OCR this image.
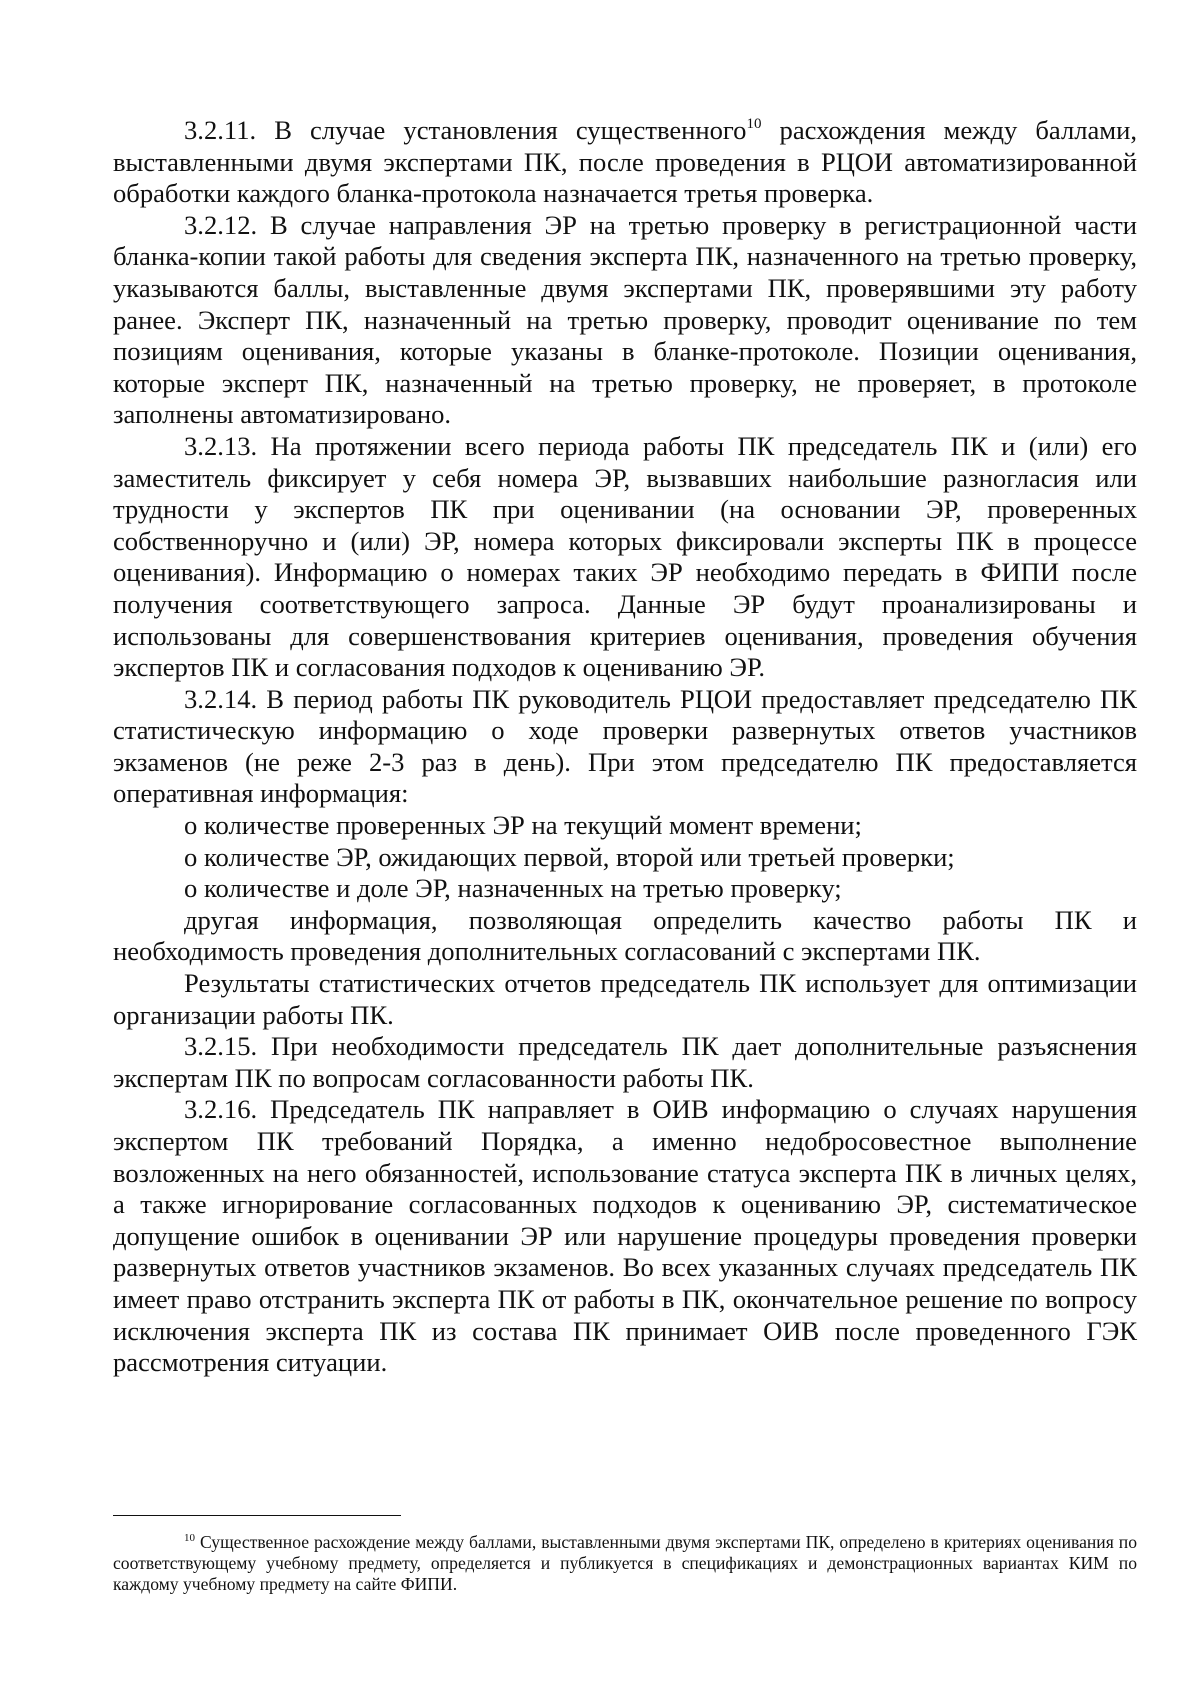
3.2.11. В случае установления существенного$^{10}$ расхождения между баллами, выставленными двумя экспертами ПК, после проведения в РЦОИ автоматизированной обработки каждого бланка-протокола назначается третья проверка.

3.2.12. В случае направления ЭР на третью проверку в регистрационной части бланка-копии такой работы для сведения эксперта ПК, назначенного на третью проверку, указываются баллы, выставленные двумя экспертами ПК, проверявшими эту работу ранее. Эксперт ПК, назначенный на третью проверку, проводит оценивание по тем позициям оценивания, которые указаны в бланке-протоколе. Позиции оценивания, которые эксперт ПК, назначенный на третью проверку, не проверяет, в протоколе заполнены автоматизировано.

3.2.13. На протяжении всего периода работы ПК председатель ПК и (или) его заместитель фиксирует у себя номера ЭР, вызвавших наибольшие разногласия или трудности у экспертов ПК при оценивании (на основании ЭР, проверенных собственноручно и (или) ЭР, номера которых фиксировали эксперты ПК в процессе оценивания). Информацию о номерах таких ЭР необходимо передать в ФИПИ после получения соответствующего запроса. Данные ЭР будут проанализированы и использованы для совершенствования критериев оценивания, проведения обучения экспертов ПК и согласования подходов к оцениванию ЭР.

3.2.14. В период работы ПК руководитель РЦОИ предоставляет председателю ПК статистическую информацию о ходе проверки развернутых ответов участников экзаменов (не реже 2-3 раз в день). При этом председателю ПК предоставляется оперативная информация:

о количестве проверенных ЭР на текущий момент времени;

о количестве ЭР, ожидающих первой, второй или третьей проверки;

о количестве и доле ЭР, назначенных на третью проверку;

другая информация, позволяющая определить качество работы ПК и необходимость проведения дополнительных согласований с экспертами ПК.

Результаты статистических отчетов председатель ПК использует для оптимизации организации работы ПК.

3.2.15. При необходимости председатель ПК дает дополнительные разъяснения экспертам ПК по вопросам согласованности работы ПК.

3.2.16. Председатель ПК направляет в ОИВ информацию о случаях нарушения экспертом ПК требований Порядка, а именно недобросовестное выполнение возложенных на него обязанностей, использование статуса эксперта ПК в личных целях, а также игнорирование согласованных подходов к оцениванию ЭР, систематическое допущение ошибок в оценивании ЭР или нарушение процедуры проведения проверки развернутых ответов участников экзаменов. Во всех указанных случаях председатель ПК имеет право отстранить эксперта ПК от работы в ПК, окончательное решение по вопросу исключения эксперта ПК из состава ПК принимает ОИВ после проведенного ГЭК рассмотрения ситуации.

$^{10}$ Существенное расхождение между баллами, выставленными двумя экспертами ПК, определено в критериях оценивания по соответствующему учебному предмету, определяется и публикуется в спецификациях и демонстрационных вариантах КИМ по каждому учебному предмету на сайте ФИПИ.
